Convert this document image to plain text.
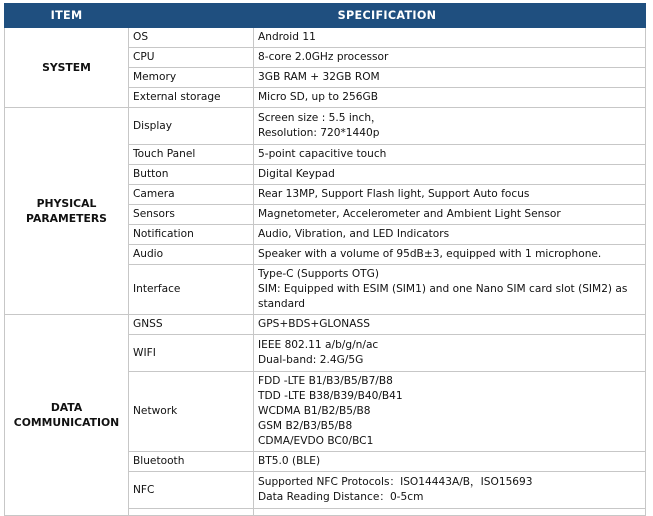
ITEM	SPECIFICATION	
SYSTEM	OS	Android 11

	CPU	8-core 2.0GHz processor

	Memory	3GB RAM + 32GB ROM

	External storage	Micro SD, up to 256GB

PHYSICAL
PARAMETERS	Display	Screen size : 5.5 inch，
Resolution: 720*1440p

	Touch Panel	5-point capacitive touch

	Button	Digital Keypad

	Camera	Rear 13MP, Support Flash light, Support Auto focus

	Sensors	Magnetometer, Accelerometer and Ambient Light Sensor

	Notification	Audio, Vibration, and LED Indicators

	Audio	Speaker with a volume of 95dB±3, equipped with 1 microphone.

	Interface	Type-C (Supports OTG)
SIM: Equipped with ESIM (SIM1) and one Nano SIM card slot (SIM2) as standard

DATA
COMMUNICATION	GNSS	GPS+BDS+GLONASS

	WIFI	IEEE 802.11 a/b/g/n/ac
Dual-band: 2.4G/5G

	Network	FDD -LTE B1/B3/B5/B7/B8
TDD -LTE B38/B39/B40/B41
WCDMA B1/B2/B5/B8
GSM B2/B3/B5/B8
CDMA/EVDO BC0/BC1

	Bluetooth	BT5.0 (BLE)

	NFC	Supported NFC Protocols：ISO14443A/B，ISO15693
Data Reading Distance：0-5cm
